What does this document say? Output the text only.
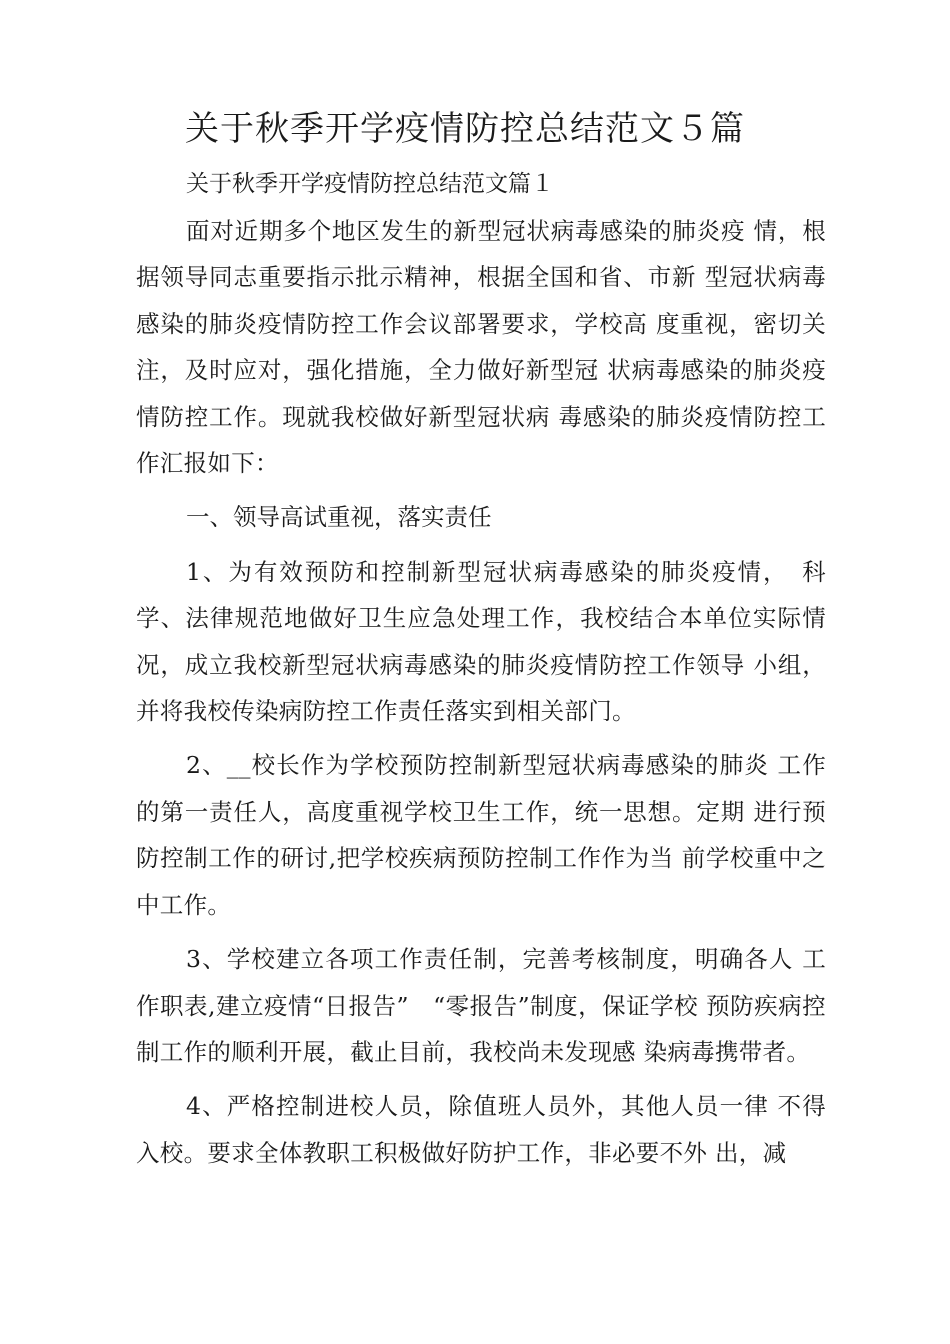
关于秋季开学疫情防控总结范文５篇
关于秋季开学疫情防控总结范文篇１

面对近期多个地区发生的新型冠状病毒感染的肺炎疫 情，根据领导同志重要指示批示精神，根据全国和省、市新 型冠状病毒感染的肺炎疫情防控工作会议部署要求，学校高 度重视，密切关注，及时应对，强化措施，全力做好新型冠 状病毒感染的肺炎疫情防控工作。现就我校做好新型冠状病 毒感染的肺炎疫情防控工作汇报如下：

一、领导高试重视，落实责任

1、为有效预防和控制新型冠状病毒感染的肺炎疫情，　科学、法律规范地做好卫生应急处理工作，我校结合本单位实际情况，成立我校新型冠状病毒感染的肺炎疫情防控工作领导 小组，并将我校传染病防控工作责任落实到相关部门。

2、__校长作为学校预防控制新型冠状病毒感染的肺炎 工作的第一责任人，高度重视学校卫生工作，统一思想。定期 进行预防控制工作的研讨,把学校疾病预防控制工作作为当 前学校重中之中工作。

3、学校建立各项工作责任制，完善考核制度，明确各人 工作职表,建立疫情“日报告”　“零报告”制度，保证学校 预防疾病控制工作的顺利开展，截止目前，我校尚未发现感 染病毒携带者。

4、严格控制进校人员，除值班人员外，其他人员一律 不得入校。要求全体教职工积极做好防护工作，非必要不外 出，减
